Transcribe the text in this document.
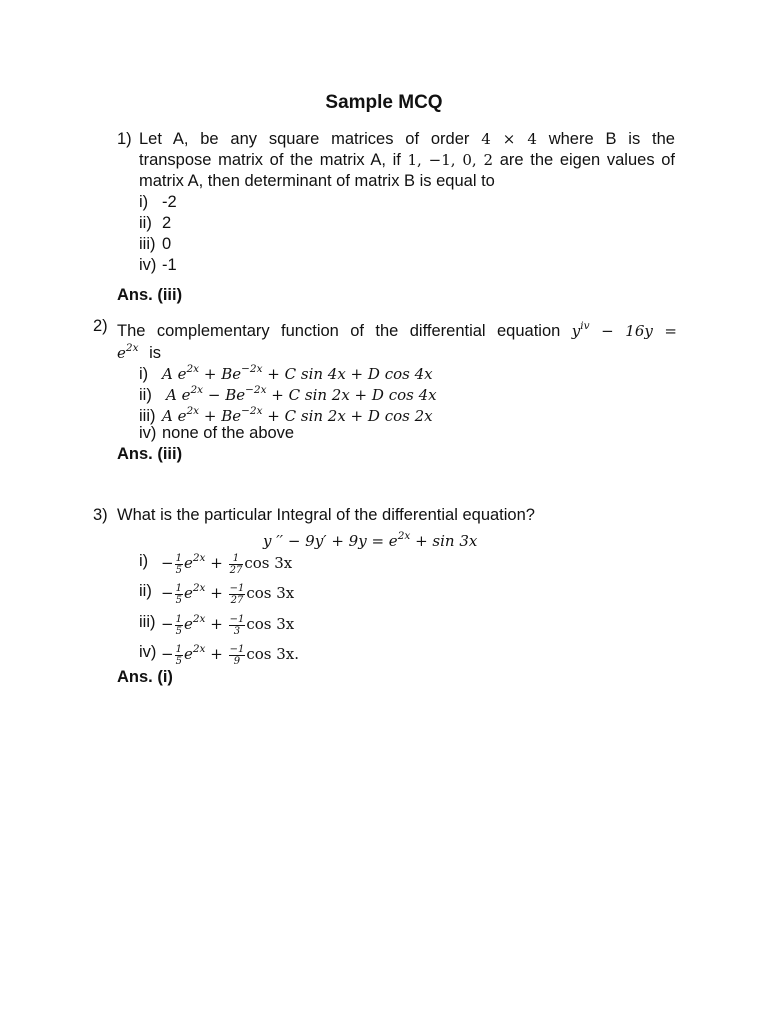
Sample MCQ
1) Let A, be any square matrices of order 4 × 4 where B is the
transpose matrix of the matrix A, if 1, −1, 0, 2 are the eigen values of
matrix A, then determinant of matrix B is equal to
i) -2
ii) 2
iii) 0
iv) -1
Ans. (iii)
2) The complementary function of the differential equation $y^{iv} - 16y$ =
$e^{2x}$ is
i) A $e^{2x} + Be^{-2x} + C$ sin 4x + D cos 4x
ii) A $e^{2x} - Be^{-2x} + C$ sin 2x + D cos 4x
iii) A $e^{2x} + Be^{-2x} + C$ sin 2x + D cos 2x
iv) none of the above
Ans. (iii)
3) What is the particular Integral of the differential equation?
y ′′ − $9y' + 9y = e^{2x} + \sin 3x$
$i) - \frac{1}{5} e^{2x} + \frac{1}{27}$ cos 3x
$ii) - \frac{1}{5} e^{2x} + \frac{-1}{27}$ cos 3x
$iii) - \frac{1}{5} e^{2x} + \frac{-1}{3}$ cos 3x
$iv) - \frac{1}{5} e^{2x} + \frac{-1}{9}$ cos 3x.
Ans. (i)
